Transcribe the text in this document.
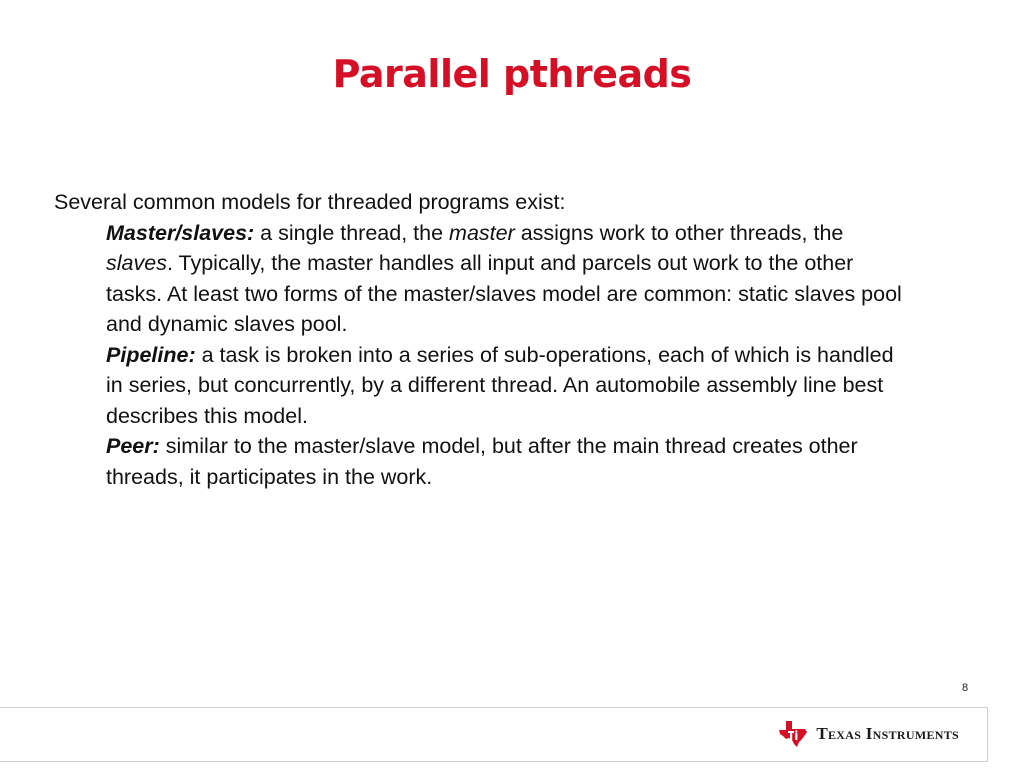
Parallel pthreads

Several common models for threaded programs exist:

Master/slaves: a single thread, the master assigns work to other threads, the slaves. Typically, the master handles all input and parcels out work to the other tasks. At least two forms of the master/slaves model are common: static slaves pool and dynamic slaves pool.

Pipeline: a task is broken into a series of sub-operations, each of which is handled in series, but concurrently, by a different thread. An automobile assembly line best describes this model.

Peer: similar to the master/slave model, but after the main thread creates other threads, it participates in the work.

8
Texas Instruments
